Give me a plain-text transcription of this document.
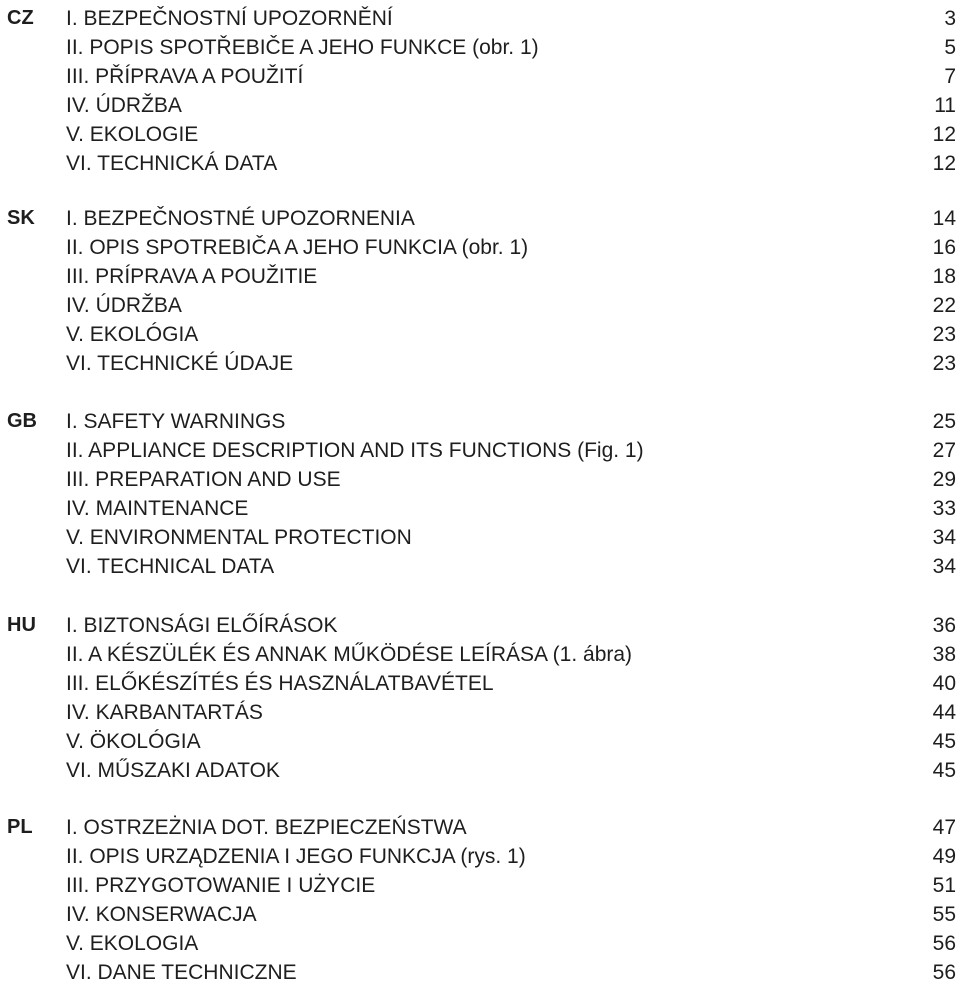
CZ I. BEZPEČNOSTNÍ UPOZORNĚNÍ	3
II. POPIS SPOTŘEBIČE A JEHO FUNKCE (obr. 1)	5
III. PŘÍPRAVA A POUŽITÍ	7
IV. ÚDRŽBA	11
V. EKOLOGIE	12
VI. TECHNICKÁ DATA	12
SK I. BEZPEČNOSTNÉ UPOZORNENIA	14
II. OPIS SPOTREBIČA A JEHO FUNKCIA (obr. 1)	16
III. PRÍPRAVA A POUŽITIE	18
IV. ÚDRŽBA	22
V. EKOLÓGIA	23
VI. TECHNICKÉ ÚDAJE	23
GB I. SAFETY WARNINGS	25
II. APPLIANCE DESCRIPTION AND ITS FUNCTIONS (Fig. 1)	27
III. PREPARATION AND USE	29
IV. MAINTENANCE	33
V. ENVIRONMENTAL PROTECTION	34
VI. TECHNICAL DATA	34
HU I. BIZTONSÁGI ELŐÍRÁSOK	36
II. A KÉSZÜLÉK ÉS ANNAK MŰKÖDÉSE LEÍRÁSA (1. ábra)	38
III. ELŐKÉSZÍTÉS ÉS HASZNÁLATBAVÉTEL	40
IV. KARBANTARTÁS	44
V. ÖKOLÓGIA	45
VI. MŰSZAKI ADATOK	45
PL I. OSTRZEŻNIA DOT. BEZPIECZEŃSTWA	47
II. OPIS URZĄDZENIA I JEGO FUNKCJA (rys. 1)	49
III. PRZYGOTOWANIE I UŻYCIE	51
IV. KONSERWACJA	55
V. EKOLOGIA	56
VI. DANE TECHNICZNE	56
